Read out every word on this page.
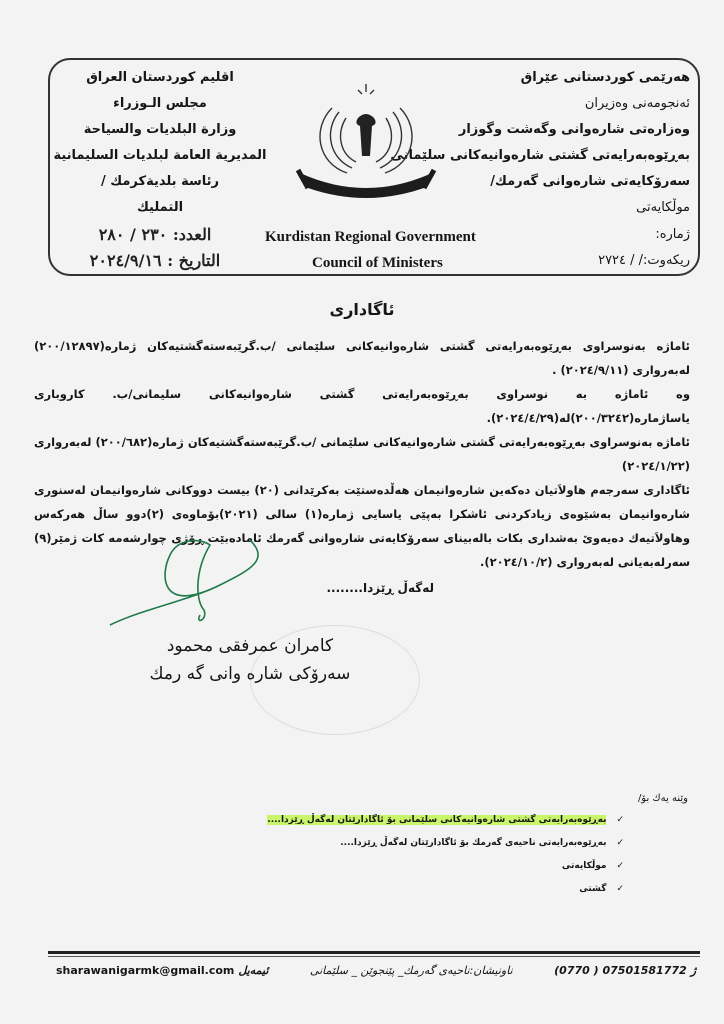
هەرێمی کوردستانی عێراق
ئەنجومەنی وەزیران
وەزارەتی شارەوانی وگەشت وگوزار
بەڕێوەبەرایەتی گشتی شارەوانیەکانی سلێمانی
سەرۆکایەتی شارەوانی گەرمك/
موڵکایەتی
ژمارە:
ریکەوت:/ / ٢٧٢٤
اقليم كوردستان العراق
مجلس الـوزراء
وزارة البلديات والسياحة
المديرية العامة لبلديات السليمانية
رئاسة بلديةكرمك /
التمليك
العدد: ٢٣٠ / ٢٨٠
التاريخ : ٢٠٢٤/٩/١٦
Kurdistan Regional Government
Council of Ministers
ئاگاداری

ئاماژە بەنوسراوی بەڕێوەبەرایەتی گشتی شارەوانیەکانی سلێمانی /ب.گرێبەستەگشتیەکان ژمارە(٢٠٠/١٢٨٩٧) لەبەرواری (٢٠٢٤/٩/١١) .

وە ئاماژە بە نوسراوی بەڕێوەبەرایەتی گشتی شارەوانیەکانی سلیمانی/ب. کاروباری یاساژمارە(٢٠٠/٣٢٤٢)لە(٢٠٢٤/٤/٢٩).

ئاماژە بەنوسراوی بەڕێوەبەرایەتی گشتی شارەوانیەکانی سلێمانی /ب.گرێبەستەگشتیەکان ژمارە(٢٠٠/٦٨٢) لەبەرواری (٢٠٢٤/١/٢٢)

ئاگاداری سەرجەم هاولاَتیان دەکەین شارەوانیمان هەڵدەستێت بەکرێدانی (٢٠) بیست دووکانی شارەوانیمان لەسنوری شارەوانیمان بەشێوەی زیادکردنی ئاشکرا بەپێی یاسایی ژمارە(١) سالی (٢٠٢١)بۆماوەی (٢)دوو ساڵ هەرکەس وهاولاَتیەك دەیەوێ بەشداری بکات بالەبینای سەرۆکایەتی شارەوانی گەرمك ئامادەبێت ڕۆژی چوارشەمە کات ژمێر(٩) سەرلەبەیانی لەبەرواری (٢٠٢٤/١٠/٢).

لەگەڵ ڕێزدا........
کامران عمرفقی محمود
سەرۆکی شاره وانی گه رمك
وێنە یەك بۆ/
✓بەڕێوەبەرایەتی گشتی شارەوانیەکانی سلێمانی بۆ ئاگادارێتان لەگەڵ ڕێزدا....
✓بەڕێوەبەرایەتی ناحیەی گەرمك بۆ ئاگادارێتان لەگەڵ ڕێزدا....
✓موڵکایەتی
✓گشتی
sharawanigarmk@gmail.com ئیمەیل	ناونیشان:ناحیەی گەرمك_ پێنجوێن _ سلێمانی	(0770 ) 07501581772 ژ
